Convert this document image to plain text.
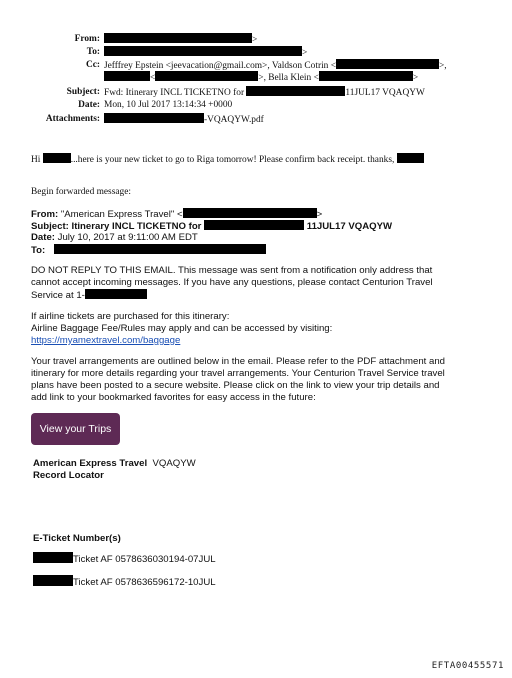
From:	>
To:	>
Cc: Jefffrey Epstein <jeevacation@gmail.com>, Valdson Cotrin <	>,
<	>, Bella Klein <	>
Subject: Fwd: Itinerary INCL TICKETNO for	11JUL17 VQAQYW
Date: Mon, 10 Jul 2017 13:14:34 +0000
Attachments:	-VQAQYW.pdf
Hi	...here is your new ticket to go to Riga tomorrow! Please confirm back receipt. thanks,
Begin forwarded message:
From: "American Express Travel" <	>
Subject: Itinerary INCL TICKETNO for	11JUL17 VQAQYW
Date: July 10, 2017 at 9:11:00 AM EDT
To:
DO NOT REPLY TO THIS EMAIL. This message was sent from a notification only address that
cannot accept incoming messages. If you have any questions, please contact Centurion Travel
Service at 1-
If airline tickets are purchased for this itinerary:
Airline Baggage Fee/Rules may apply and can be accessed by visiting:
https://myamextravel.com/baggage
Your travel arrangements are outlined below in the email. Please refer to the PDF attachment and
itinerary for more details regarding your travel arrangements. Your Centurion Travel Service travel
plans have been posted to a secure website. Please click on the link to view your trip details and
add link to your bookmarked favorites for easy access in the future:
View your Trips
American Express Travel VQAQYW
Record Locator
E-Ticket Number(s)
Ticket AF 0578636030194-07JUL
Ticket AF 0578636596172-10JUL
EFTA00455571
